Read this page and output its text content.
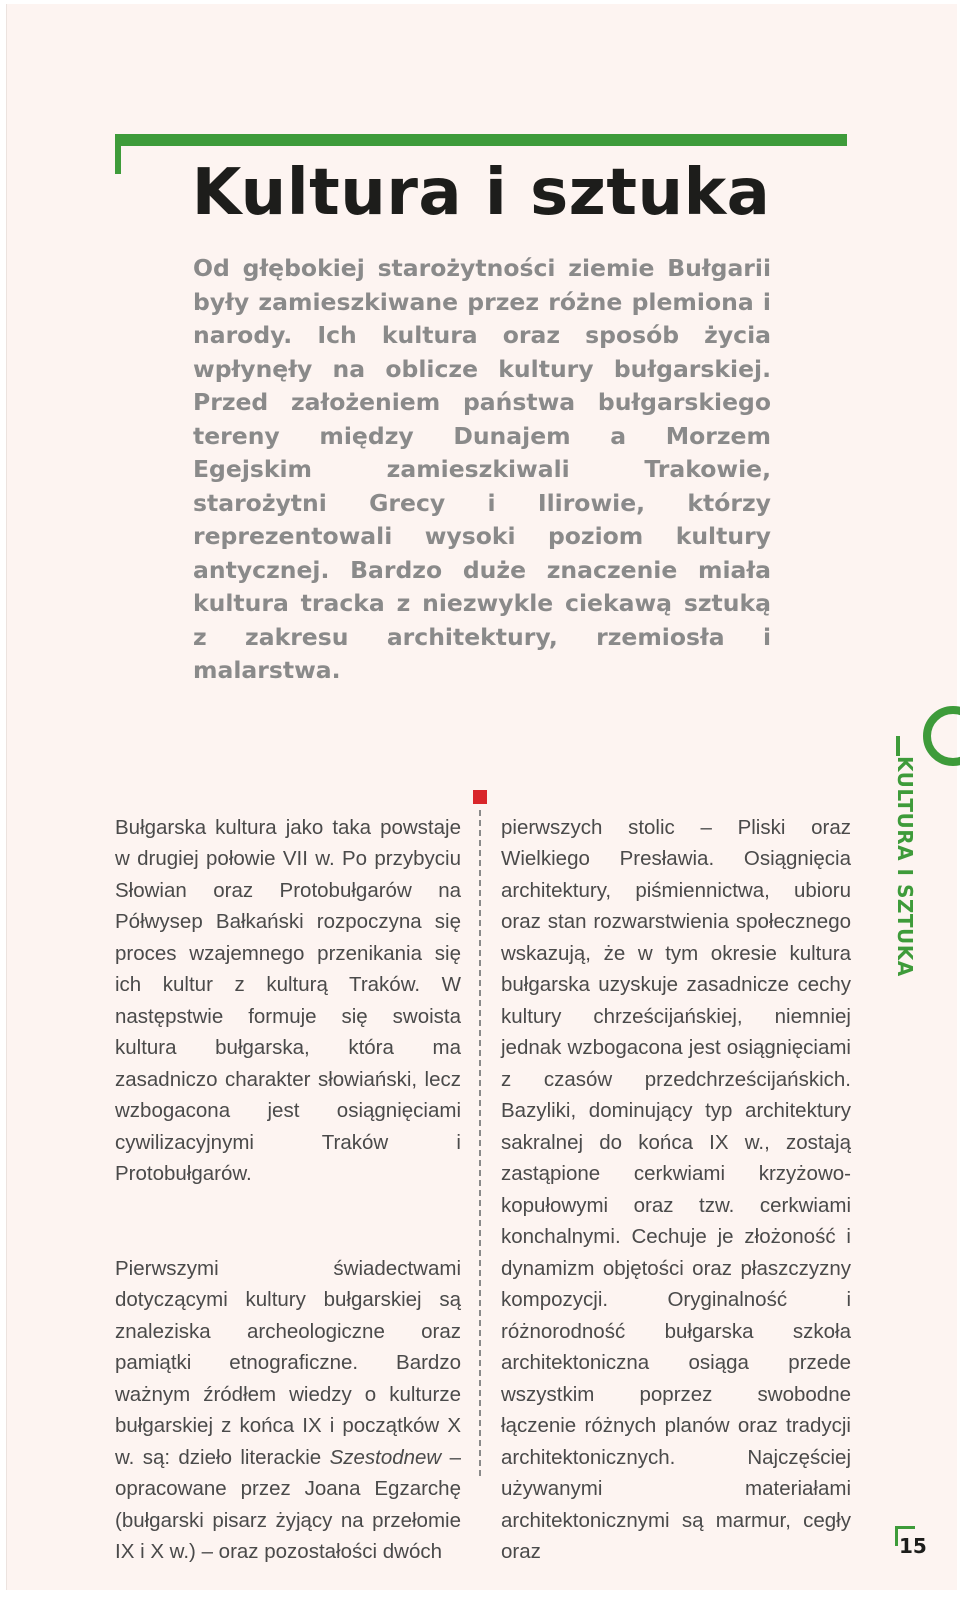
Kultura i sztuka

Od głębokiej starożytności ziemie Bułgarii były zamieszkiwane przez różne plemiona i narody. Ich kultura oraz sposób życia wpłynęły na oblicze kultury bułgarskiej. Przed założeniem państwa bułgarskiego tereny między Dunajem a Morzem Egejskim zamieszkiwali Trakowie, starożytni Grecy i Ilirowie, którzy reprezentowali wysoki poziom kultury antycznej. Bardzo duże znaczenie miała kultura tracka z niezwykle ciekawą sztuką z zakresu architektury, rzemiosła i malarstwa.

KULTURA I SZTUKA

Bułgarska kultura jako taka powstaje w drugiej połowie VII w. Po przybyciu Słowian oraz Protobułgarów na Półwysep Bałkański rozpoczyna się proces wzajemnego przenikania się ich kultur z kulturą Traków. W następstwie formuje się swoista kultura bułgarska, która ma zasadniczo charakter słowiański, lecz wzbogacona jest osiągnięciami cywilizacyjnymi Traków i Protobułgarów.

Pierwszymi świadectwami dotyczącymi kultury bułgarskiej są znaleziska archeologiczne oraz pamiątki etnograficzne. Bardzo ważnym źródłem wiedzy o kulturze bułgarskiej z końca IX i początków X w. są: dzieło literackie Szestodnew – opracowane przez Joana Egzarchę (bułgarski pisarz żyjący na przełomie IX i X w.) – oraz pozostałości dwóch

pierwszych stolic – Pliski oraz Wielkiego Presławia. Osiągnięcia architektury, piśmiennictwa, ubioru oraz stan rozwarstwienia społecznego wskazują, że w tym okresie kultura bułgarska uzyskuje zasadnicze cechy kultury chrześcijańskiej, niemniej jednak wzbogacona jest osiągnięciami z czasów przedchrześcijańskich. Bazyliki, dominujący typ architektury sakralnej do końca IX w., zostają zastąpione cerkwiami krzyżowo-kopułowymi oraz tzw. cerkwiami konchalnymi. Cechuje je złożoność i dynamizm objętości oraz płaszczyzny kompozycji. Oryginalność i różnorodność bułgarska szkoła architektoniczna osiąga przede wszystkim poprzez swobodne łączenie różnych planów oraz tradycji architektonicznych. Najczęściej używanymi materiałami architektonicznymi są marmur, cegły oraz	15
